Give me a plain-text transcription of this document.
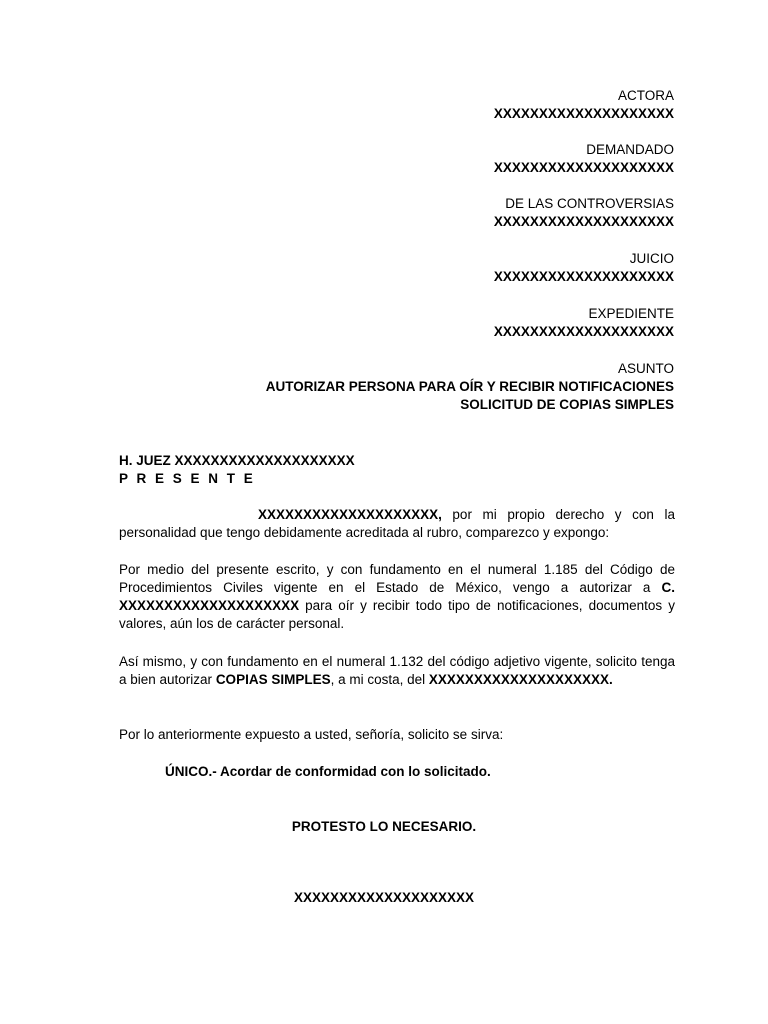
ACTORA
XXXXXXXXXXXXXXXXXXXX
DEMANDADO
XXXXXXXXXXXXXXXXXXXX
DE LAS CONTROVERSIAS
XXXXXXXXXXXXXXXXXXXX
JUICIO
XXXXXXXXXXXXXXXXXXXX
EXPEDIENTE
XXXXXXXXXXXXXXXXXXXX
ASUNTO
AUTORIZAR PERSONA PARA OÍR Y RECIBIR NOTIFICACIONES
SOLICITUD DE COPIAS SIMPLES
H. JUEZ XXXXXXXXXXXXXXXXXXXX
P R E S E N T E

XXXXXXXXXXXXXXXXXXXX, por mi propio derecho y con la personalidad que tengo debidamente acreditada al rubro, comparezco y expongo:

Por medio del presente escrito, y con fundamento en el numeral 1.185 del Código de Procedimientos Civiles vigente en el Estado de México, vengo a autorizar a C. XXXXXXXXXXXXXXXXXXXX para oír y recibir todo tipo de notificaciones, documentos y valores, aún los de carácter personal.

Así mismo, y con fundamento en el numeral 1.132 del código adjetivo vigente, solicito tenga a bien autorizar COPIAS SIMPLES, a mi costa, del XXXXXXXXXXXXXXXXXXXX.

Por lo anteriormente expuesto a usted, señoría, solicito se sirva:

ÚNICO.- Acordar de conformidad con lo solicitado.

PROTESTO LO NECESARIO.
XXXXXXXXXXXXXXXXXXXX
